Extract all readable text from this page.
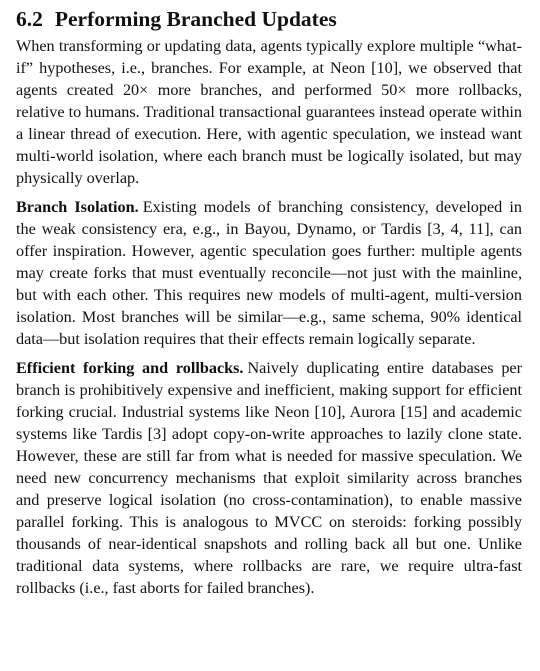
6.2 Performing Branched Updates

When transforming or updating data, agents typically explore multiple “what-if” hypotheses, i.e., branches. For example, at Neon [10], we observed that agents created 20× more branches, and performed 50× more rollbacks, relative to humans. Traditional transactional guarantees instead operate within a linear thread of execution. Here, with agentic speculation, we instead want multi-world isolation, where each branch must be logically isolated, but may physically overlap.

Branch Isolation. Existing models of branching consistency, developed in the weak consistency era, e.g., in Bayou, Dynamo, or Tardis [3, 4, 11], can offer inspiration. However, agentic speculation goes further: multiple agents may create forks that must eventually reconcile—not just with the mainline, but with each other. This requires new models of multi-agent, multi-version isolation. Most branches will be similar—e.g., same schema, 90% identical data—but isolation requires that their effects remain logically separate.

Efficient forking and rollbacks. Naively duplicating entire databases per branch is prohibitively expensive and inefficient, making support for efficient forking crucial. Industrial systems like Neon [10], Aurora [15] and academic systems like Tardis [3] adopt copy-on-write approaches to lazily clone state. However, these are still far from what is needed for massive speculation. We need new concurrency mechanisms that exploit similarity across branches and preserve logical isolation (no cross-contamination), to enable massive parallel forking. This is analogous to MVCC on steroids: forking possibly thousands of near-identical snapshots and rolling back all but one. Unlike traditional data systems, where rollbacks are rare, we require ultra-fast rollbacks (i.e., fast aborts for failed branches).
